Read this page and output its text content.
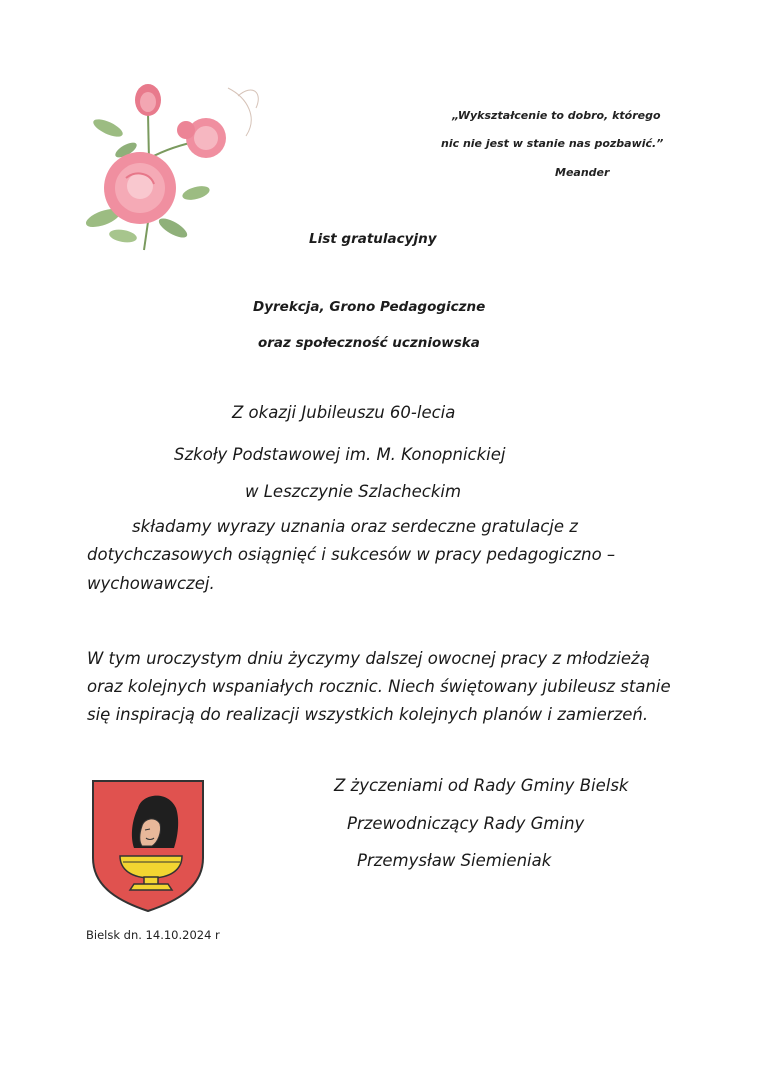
„Wykształcenie to dobro, którego
nic nie jest w stanie nas pozbawić.”
Meander
List gratulacyjny
Dyrekcja, Grono Pedagogiczne
oraz społeczność uczniowska
Z okazji Jubileuszu 60-lecia
Szkoły Podstawowej im. M. Konopnickiej
w Leszczynie Szlacheckim
składamy wyrazy uznania oraz serdeczne gratulacje z
dotychczasowych osiągnięć i sukcesów w pracy pedagogiczno –
wychowawczej.
W tym uroczystym dniu życzymy dalszej owocnej pracy z młodzieżą
oraz kolejnych wspaniałych rocznic. Niech świętowany jubileusz stanie
się inspiracją do realizacji wszystkich kolejnych planów i zamierzeń.
Z życzeniami od Rady Gminy Bielsk
Przewodniczący Rady Gminy
Przemysław Siemieniak
Bielsk dn. 14.10.2024 r
